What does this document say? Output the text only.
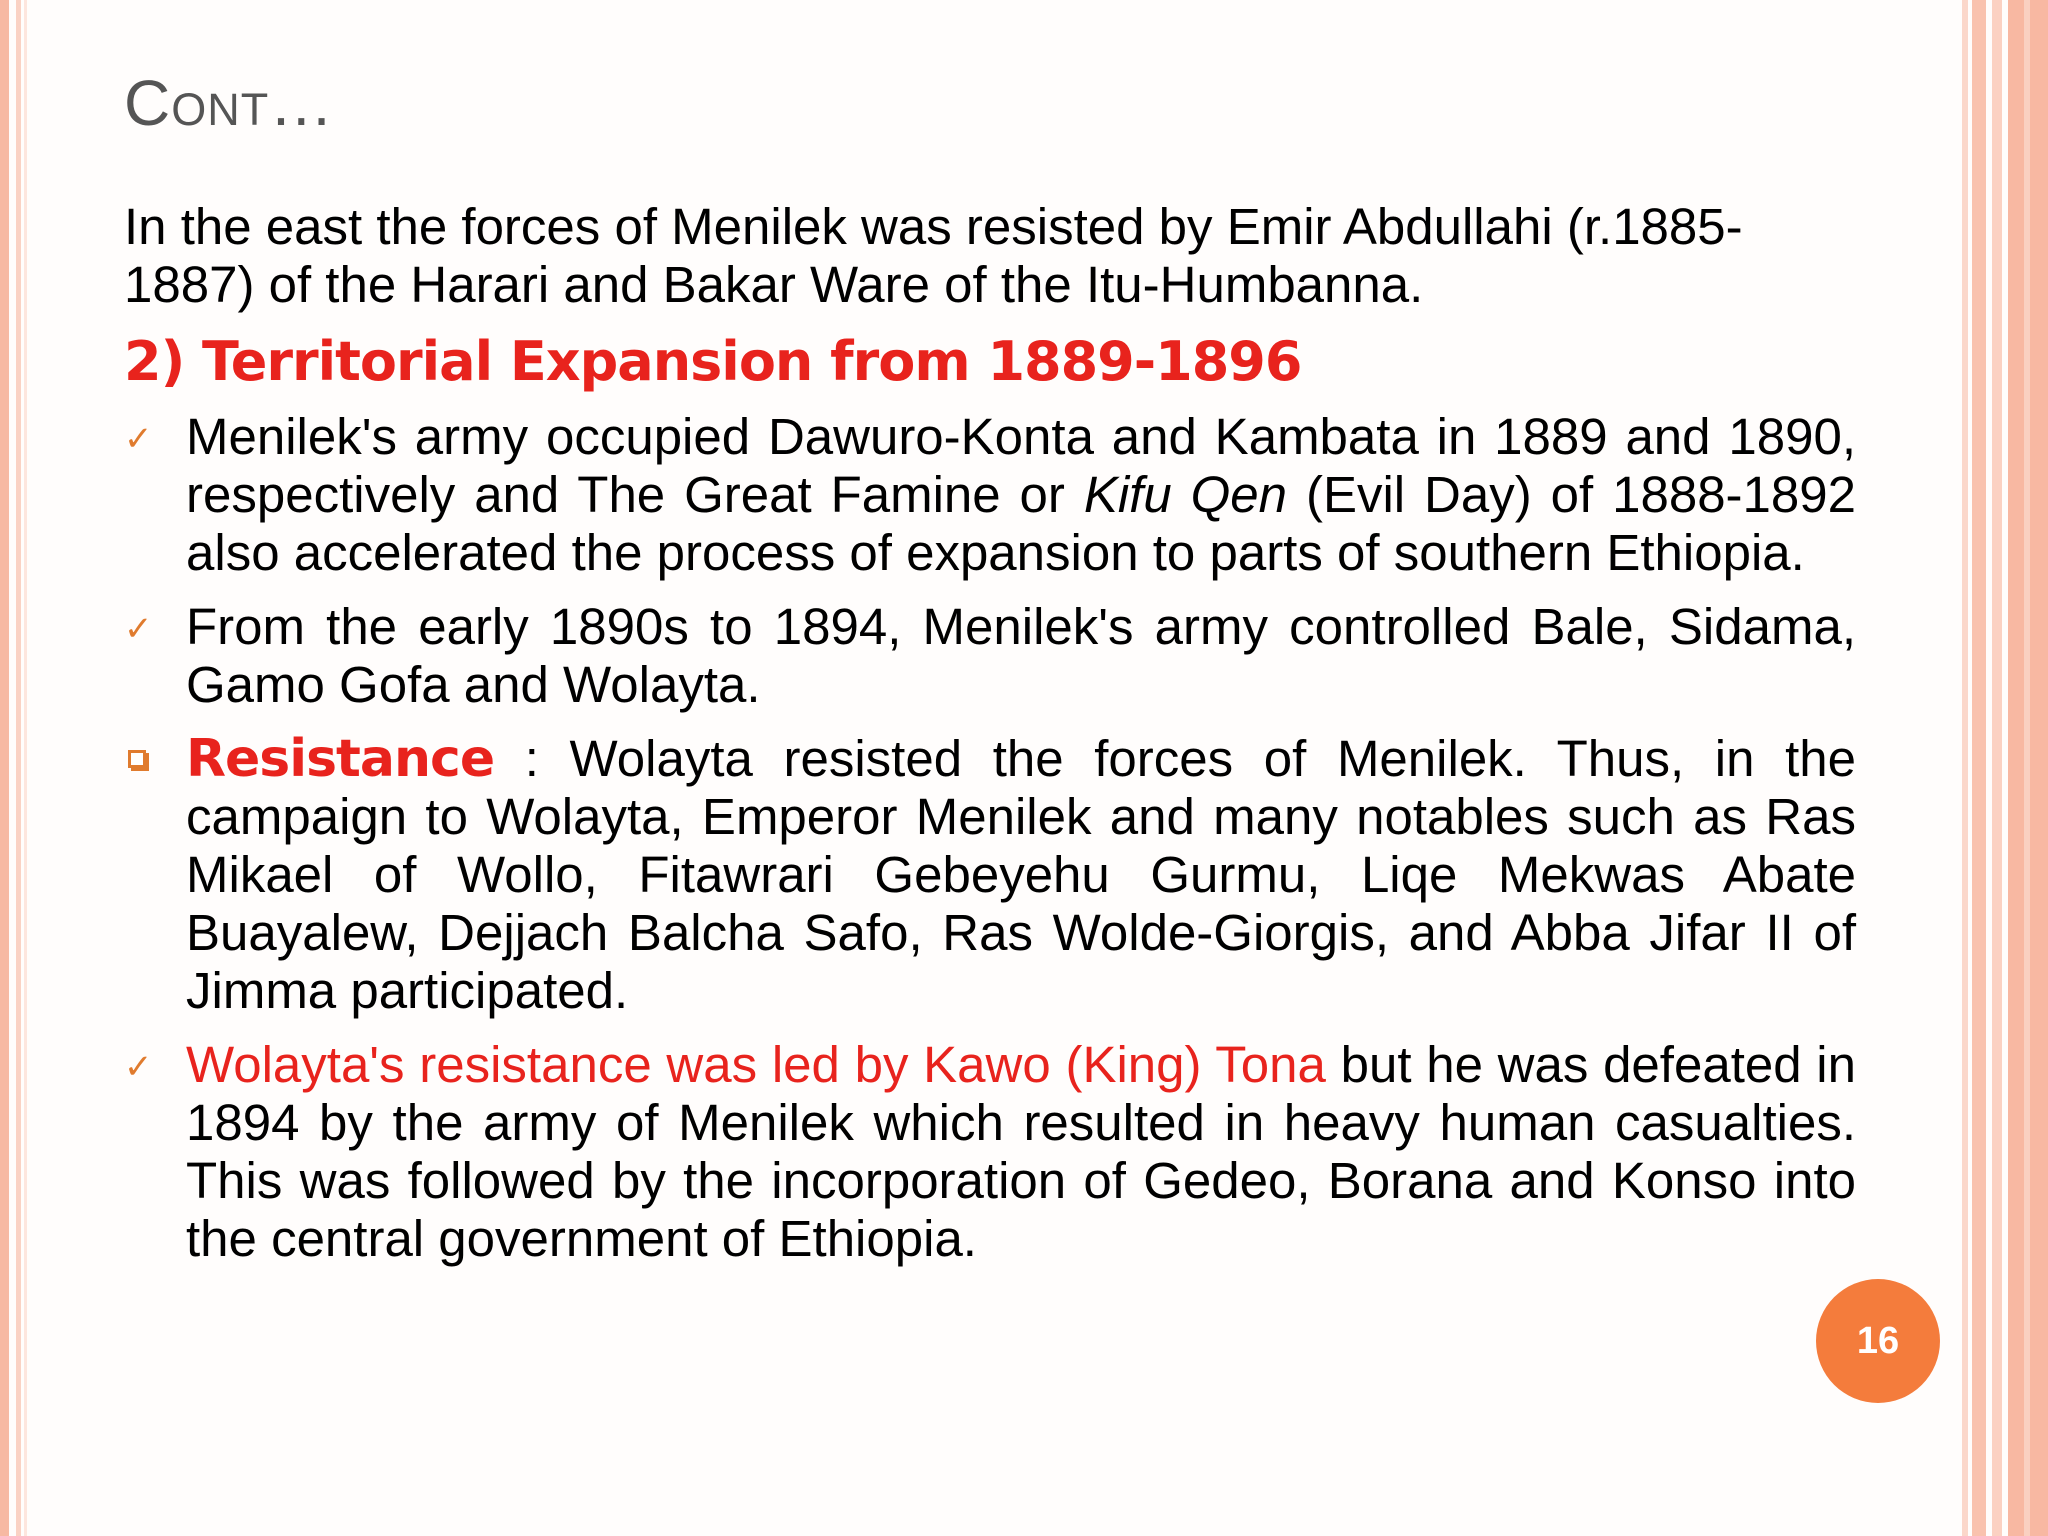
Cont…

In the east the forces of Menilek was resisted by Emir Abdullahi (r.1885-1887) of the Harari and Bakar Ware of the Itu-Humbanna.

2) Territorial Expansion from 1889-1896
✓ Menilek's army occupied Dawuro-Konta and Kambata in 1889 and 1890, respectively and The Great Famine or Kifu Qen (Evil Day) of 1888-1892 also accelerated the process of expansion to parts of southern Ethiopia.
✓ From the early 1890s to 1894, Menilek's army controlled Bale, Sidama, Gamo Gofa and Wolayta.
Resistance : Wolayta resisted the forces of Menilek. Thus, in the campaign to Wolayta, Emperor Menilek and many notables such as Ras Mikael of Wollo, Fitawrari Gebeyehu Gurmu, Liqe Mekwas Abate Buayalew, Dejjach Balcha Safo, Ras Wolde-Giorgis, and Abba Jifar II of Jimma participated.
✓ Wolayta's resistance was led by Kawo (King) Tona but he was defeated in 1894 by the army of Menilek which resulted in heavy human casualties. This was followed by the incorporation of Gedeo, Borana and Konso into the central government of Ethiopia.
16
